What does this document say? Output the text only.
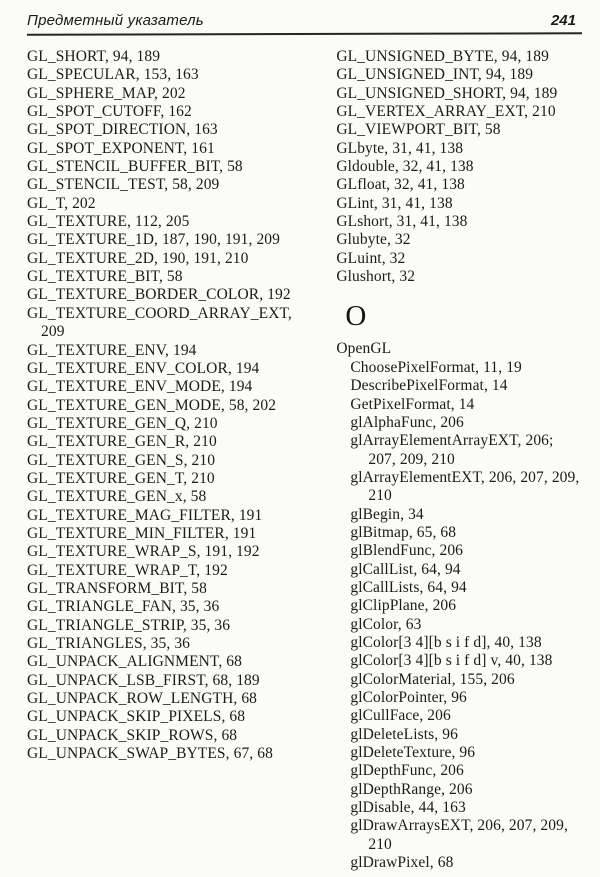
Предметный указатель	241

GL_SHORT, 94, 189

GL_SPECULAR, 153, 163

GL_SPHERE_MAP, 202

GL_SPOT_CUTOFF, 162

GL_SPOT_DIRECTION, 163

GL_SPOT_EXPONENT, 161

GL_STENCIL_BUFFER_BIT, 58

GL_STENCIL_TEST, 58, 209

GL_T, 202

GL_TEXTURE, 112, 205

GL_TEXTURE_1D, 187, 190, 191, 209

GL_TEXTURE_2D, 190, 191, 210

GL_TEXTURE_BIT, 58

GL_TEXTURE_BORDER_COLOR, 192

GL_TEXTURE_COORD_ARRAY_EXT, 209

GL_TEXTURE_ENV, 194

GL_TEXTURE_ENV_COLOR, 194

GL_TEXTURE_ENV_MODE, 194

GL_TEXTURE_GEN_MODE, 58, 202

GL_TEXTURE_GEN_Q, 210

GL_TEXTURE_GEN_R, 210

GL_TEXTURE_GEN_S, 210

GL_TEXTURE_GEN_T, 210

GL_TEXTURE_GEN_x, 58

GL_TEXTURE_MAG_FILTER, 191

GL_TEXTURE_MIN_FILTER, 191

GL_TEXTURE_WRAP_S, 191, 192

GL_TEXTURE_WRAP_T, 192

GL_TRANSFORM_BIT, 58

GL_TRIANGLE_FAN, 35, 36

GL_TRIANGLE_STRIP, 35, 36

GL_TRIANGLES, 35, 36

GL_UNPACK_ALIGNMENT, 68

GL_UNPACK_LSB_FIRST, 68, 189

GL_UNPACK_ROW_LENGTH, 68

GL_UNPACK_SKIP_PIXELS, 68

GL_UNPACK_SKIP_ROWS, 68

GL_UNPACK_SWAP_BYTES, 67, 68

GL_UNSIGNED_BYTE, 94, 189

GL_UNSIGNED_INT, 94, 189

GL_UNSIGNED_SHORT, 94, 189

GL_VERTEX_ARRAY_EXT, 210

GL_VIEWPORT_BIT, 58

GLbyte, 31, 41, 138

Gldouble, 32, 41, 138

GLfloat, 32, 41, 138

GLint, 31, 41, 138

GLshort, 31, 41, 138

Glubyte, 32

GLuint, 32

Glushort, 32

O

OpenGL

ChoosePixelFormat, 11, 19

DescribePixelFormat, 14

GetPixelFormat, 14

glAlphaFunc, 206

glArrayElementArrayEXT, 206; 207, 209, 210

glArrayElementEXT, 206, 207, 209, 210

glBegin, 34

glBitmap, 65, 68

glBlendFunc, 206

glCallList, 64, 94

glCallLists, 64, 94

glClipPlane, 206

glColor, 63

glColor[3 4][b s i f d], 40, 138

glColor[3 4][b s i f d] v, 40, 138

glColorMaterial, 155, 206

glColorPointer, 96

glCullFace, 206

glDeleteLists, 96

glDeleteTexture, 96

glDepthFunc, 206

glDepthRange, 206

glDisable, 44, 163

glDrawArraysEXT, 206, 207, 209, 210

glDrawPixel, 68
